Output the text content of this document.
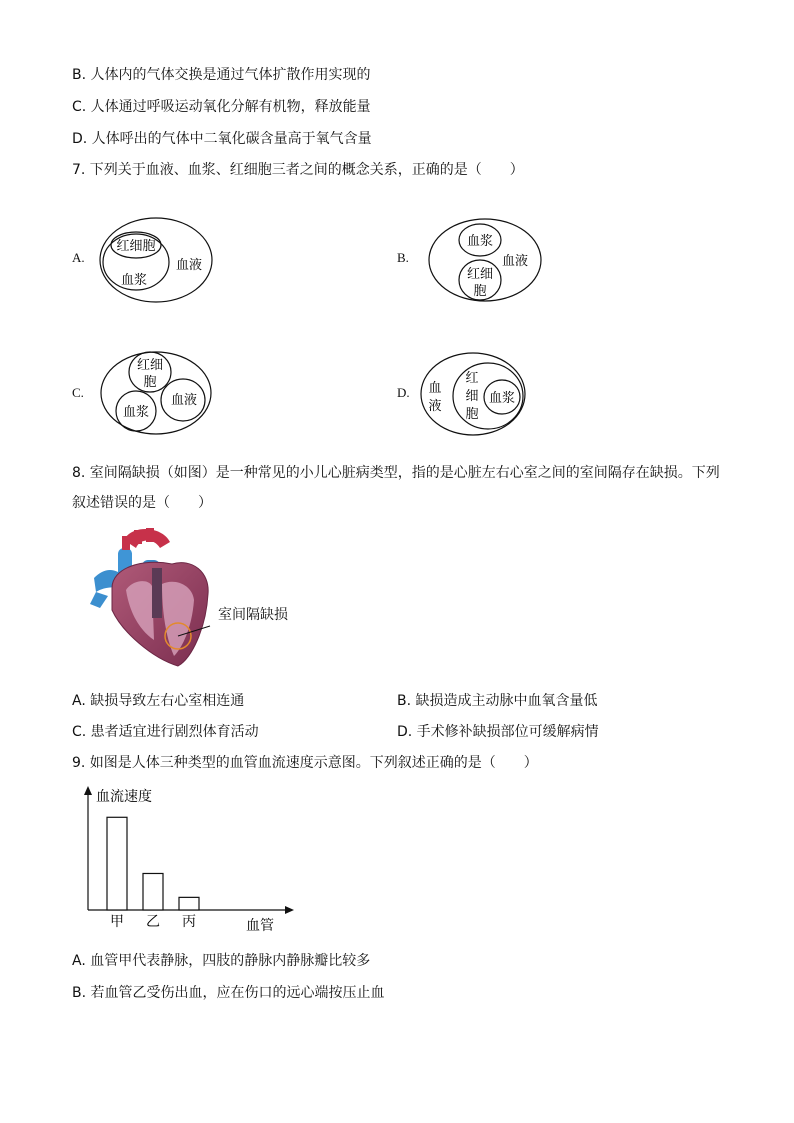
B. 人体内的气体交换是通过气体扩散作用实现的
C. 人体通过呼吸运动氧化分解有机物，释放能量
D. 人体呼出的气体中二氧化碳含量高于氧气含量
7. 下列关于血液、血浆、红细胞三者之间的概念关系，正确的是（　　）
A.
红细胞
血浆
血液
B.
血浆
红细
胞
血液
C.
红细
胞
血浆
血液
D. 血
液
红
细
胞
血浆
8. 室间隔缺损（如图）是一种常见的小儿心脏病类型，指的是心脏左右心室之间的室间隔存在缺损。下列
叙述错误的是（　　）
室间隔缺损
A. 缺损导致左右心室相连通	B. 缺损造成主动脉中血氧含量低
C. 患者适宜进行剧烈体育活动	D. 手术修补缺损部位可缓解病情
9. 如图是人体三种类型的血管血流速度示意图。下列叙述正确的是（　　）
血流速度
血管
甲 乙 丙
A. 血管甲代表静脉，四肢的静脉内静脉瓣比较多
B. 若血管乙受伤出血，应在伤口的远心端按压止血
